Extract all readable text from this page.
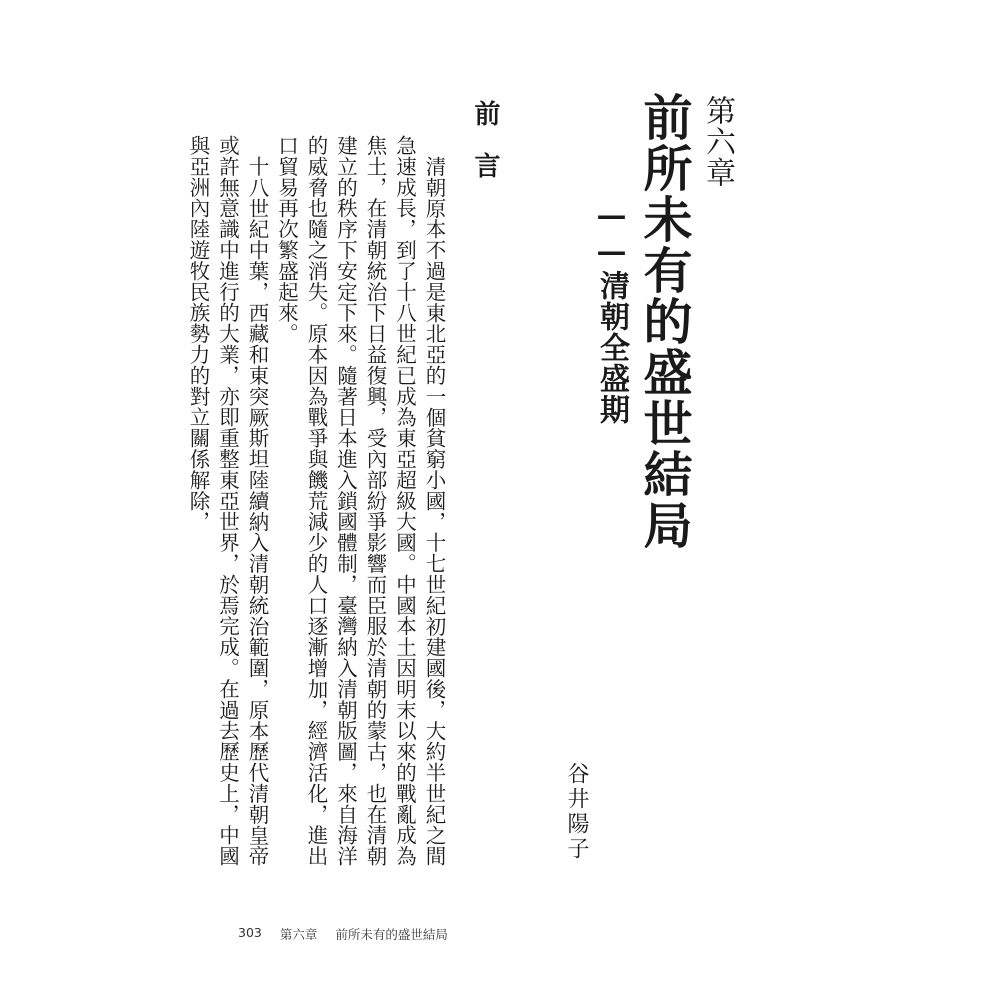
第六章
前所未有的盛世結局
——清朝全盛期
谷井陽子
前言

清朝原本不過是東北亞的一個貧窮小國，十七世紀初建國後，大約半世紀之間急速成長，到了十八世紀已成為東亞超級大國。中國本土因明末以來的戰亂成為焦土，在清朝統治下日益復興，受內部紛爭影響而臣服於清朝的蒙古，也在清朝建立的秩序下安定下來。隨著日本進入鎖國體制，臺灣納入清朝版圖，來自海洋的威脅也隨之消失。原本因為戰爭與饑荒減少的人口逐漸增加，經濟活化，進出口貿易再次繁盛起來。

十八世紀中葉，西藏和東突厥斯坦陸續納入清朝統治範圍，原本歷代清朝皇帝或許無意識中進行的大業，亦即重整東亞世界，於焉完成。在過去歷史上，中國與亞洲內陸遊牧民族勢力的對立關係解除，

303 第六章 前所未有的盛世結局
